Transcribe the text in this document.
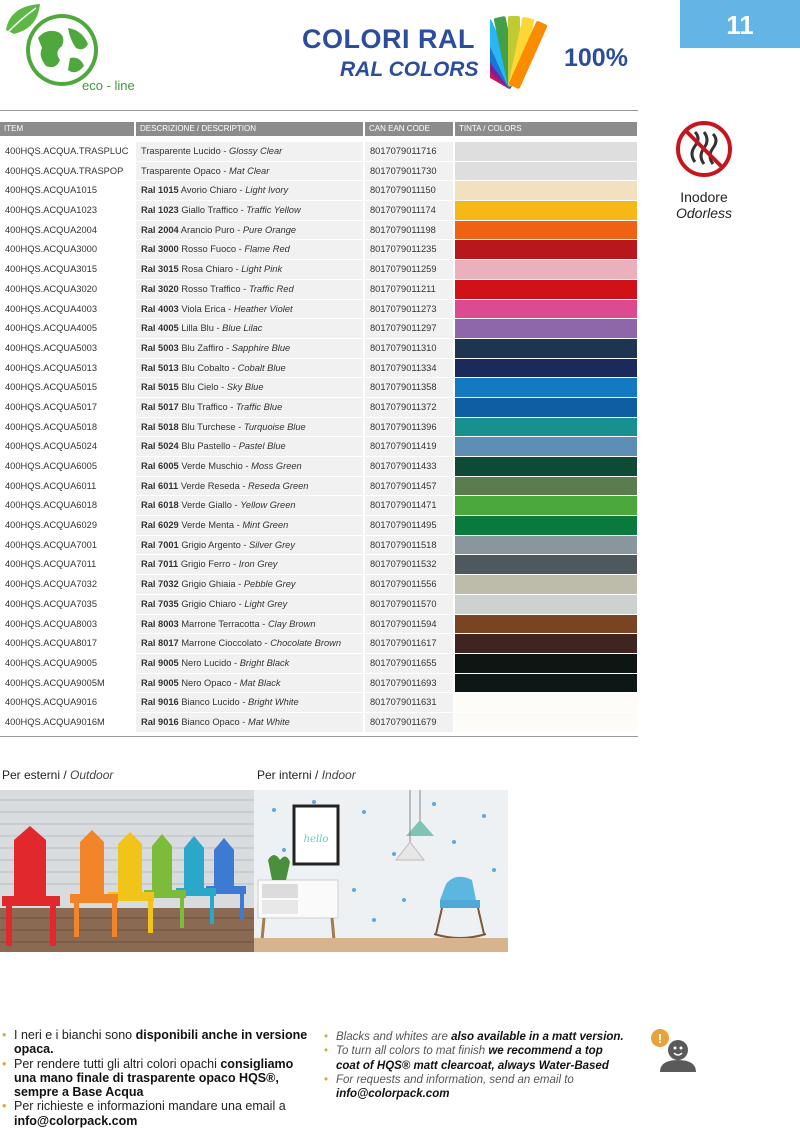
eco - line
COLORI RAL
RAL COLORS	100%
11
ITEM	DESCRIZIONE / DESCRIPTION	CAN EAN CODE	TINTA / COLORS
400HQS.ACQUA.TRASPLUC	Trasparente Lucido - Glossy Clear	8017079011716
400HQS.ACQUA.TRASPOP	Trasparente Opaco - Mat Clear	8017079011730
400HQS.ACQUA1015	Ral 1015 Avorio Chiaro - Light Ivory	8017079011150
400HQS.ACQUA1023	Ral 1023 Giallo Traffico - Traffic Yellow	8017079011174
400HQS.ACQUA2004	Ral 2004 Arancio Puro - Pure Orange	8017079011198
400HQS.ACQUA3000	Ral 3000 Rosso Fuoco - Flame Red	8017079011235
400HQS.ACQUA3015	Ral 3015 Rosa Chiaro - Light Pink	8017079011259
400HQS.ACQUA3020	Ral 3020 Rosso Traffico - Traffic Red	8017079011211
400HQS.ACQUA4003	Ral 4003 Viola Erica - Heather Violet	8017079011273
400HQS.ACQUA4005	Ral 4005 Lilla Blu - Blue Lilac	8017079011297
400HQS.ACQUA5003	Ral 5003 Blu Zaffiro - Sapphire Blue	8017079011310
400HQS.ACQUA5013	Ral 5013 Blu Cobalto - Cobalt Blue	8017079011334
400HQS.ACQUA5015	Ral 5015 Blu Cielo - Sky Blue	8017079011358
400HQS.ACQUA5017	Ral 5017 Blu Traffico - Traffic Blue	8017079011372
400HQS.ACQUA5018	Ral 5018 Blu Turchese - Turquoise Blue	8017079011396
400HQS.ACQUA5024	Ral 5024 Blu Pastello - Pastel Blue	8017079011419
400HQS.ACQUA6005	Ral 6005 Verde Muschio - Moss Green	8017079011433
400HQS.ACQUA6011	Ral 6011 Verde Reseda - Reseda Green	8017079011457
400HQS.ACQUA6018	Ral 6018 Verde Giallo - Yellow Green	8017079011471
400HQS.ACQUA6029	Ral 6029 Verde Menta - Mint Green	8017079011495
400HQS.ACQUA7001	Ral 7001 Grigio Argento - Silver Grey	8017079011518
400HQS.ACQUA7011	Ral 7011 Grigio Ferro - Iron Grey	8017079011532
400HQS.ACQUA7032	Ral 7032 Grigio Ghiaia - Pebble Grey	8017079011556
400HQS.ACQUA7035	Ral 7035 Grigio Chiaro - Light Grey	8017079011570
400HQS.ACQUA8003	Ral 8003 Marrone Terracotta - Clay Brown	8017079011594
400HQS.ACQUA8017	Ral 8017 Marrone Cioccolato - Chocolate Brown	8017079011617
400HQS.ACQUA9005	Ral 9005 Nero Lucido - Bright Black	8017079011655
400HQS.ACQUA9005M	Ral 9005 Nero Opaco - Mat Black	8017079011693
400HQS.ACQUA9016	Ral 9016 Bianco Lucido - Bright White	8017079011631
400HQS.ACQUA9016M	Ral 9016 Bianco Opaco - Mat White	8017079011679
Inodore
Odorless
Per esterni / Outdoor	Per interni / Indoor
hello
• I neri e i bianchi sono disponibili anche in versione opaca.
• Per rendere tutti gli altri colori opachi consigliamo una mano finale di trasparente opaco HQS®, sempre a Base Acqua
• Per richieste e informazioni mandare una email a info@colorpack.com
• Blacks and whites are also available in a matt version.
• To turn all colors to mat finish we recommend a top coat of HQS® matt clearcoat, always Water-Based
• For requests and information, send an email to info@colorpack.com
!
